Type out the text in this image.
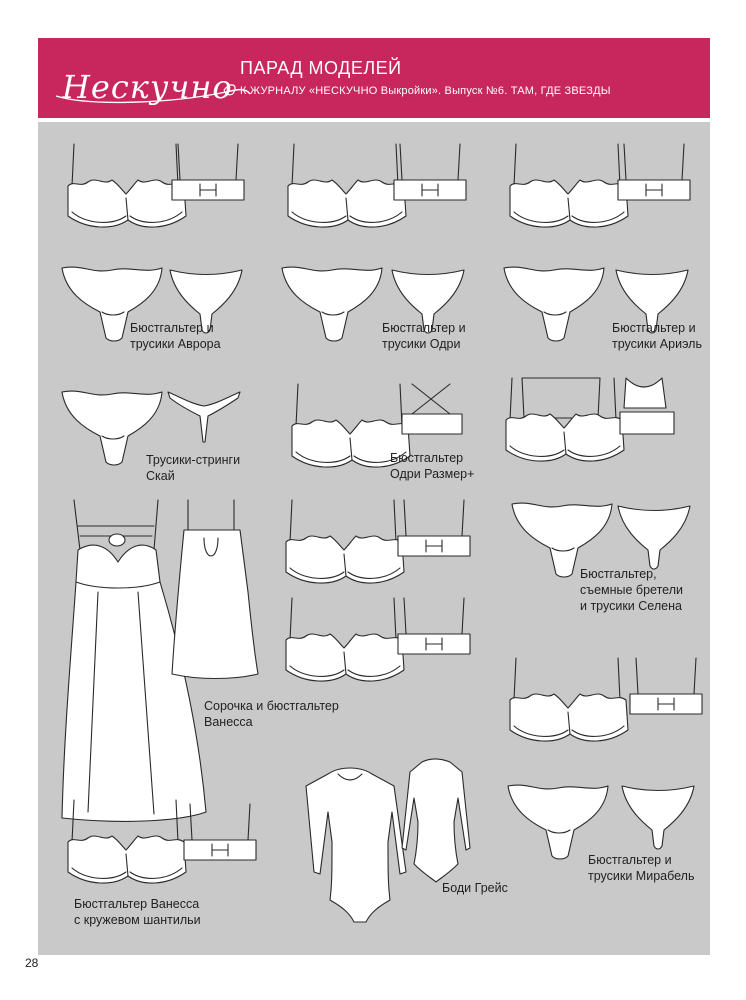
Нескучно ПАРАД МОДЕЛЕЙ
К ЖУРНАЛУ «НЕСКУЧНО Выкройки». Выпуск №6. ТАМ, ГДЕ ЗВЕЗДЫ
Бюстгальтер и
трусики Аврора
Бюстгальтер и
трусики Одри
Бюстгальтер и
трусики Ариэль
Трусики-стринги
Скай
Бюстгальтер
Одри Размер+
Бюстгальтер,
съемные бретели
и трусики Селена
Сорочка и бюстгальтер
Ванесса
Бюстгальтер и
трусики Мирабель
Боди Грейс
Бюстгальтер Ванесса
с кружевом шантильи
28
